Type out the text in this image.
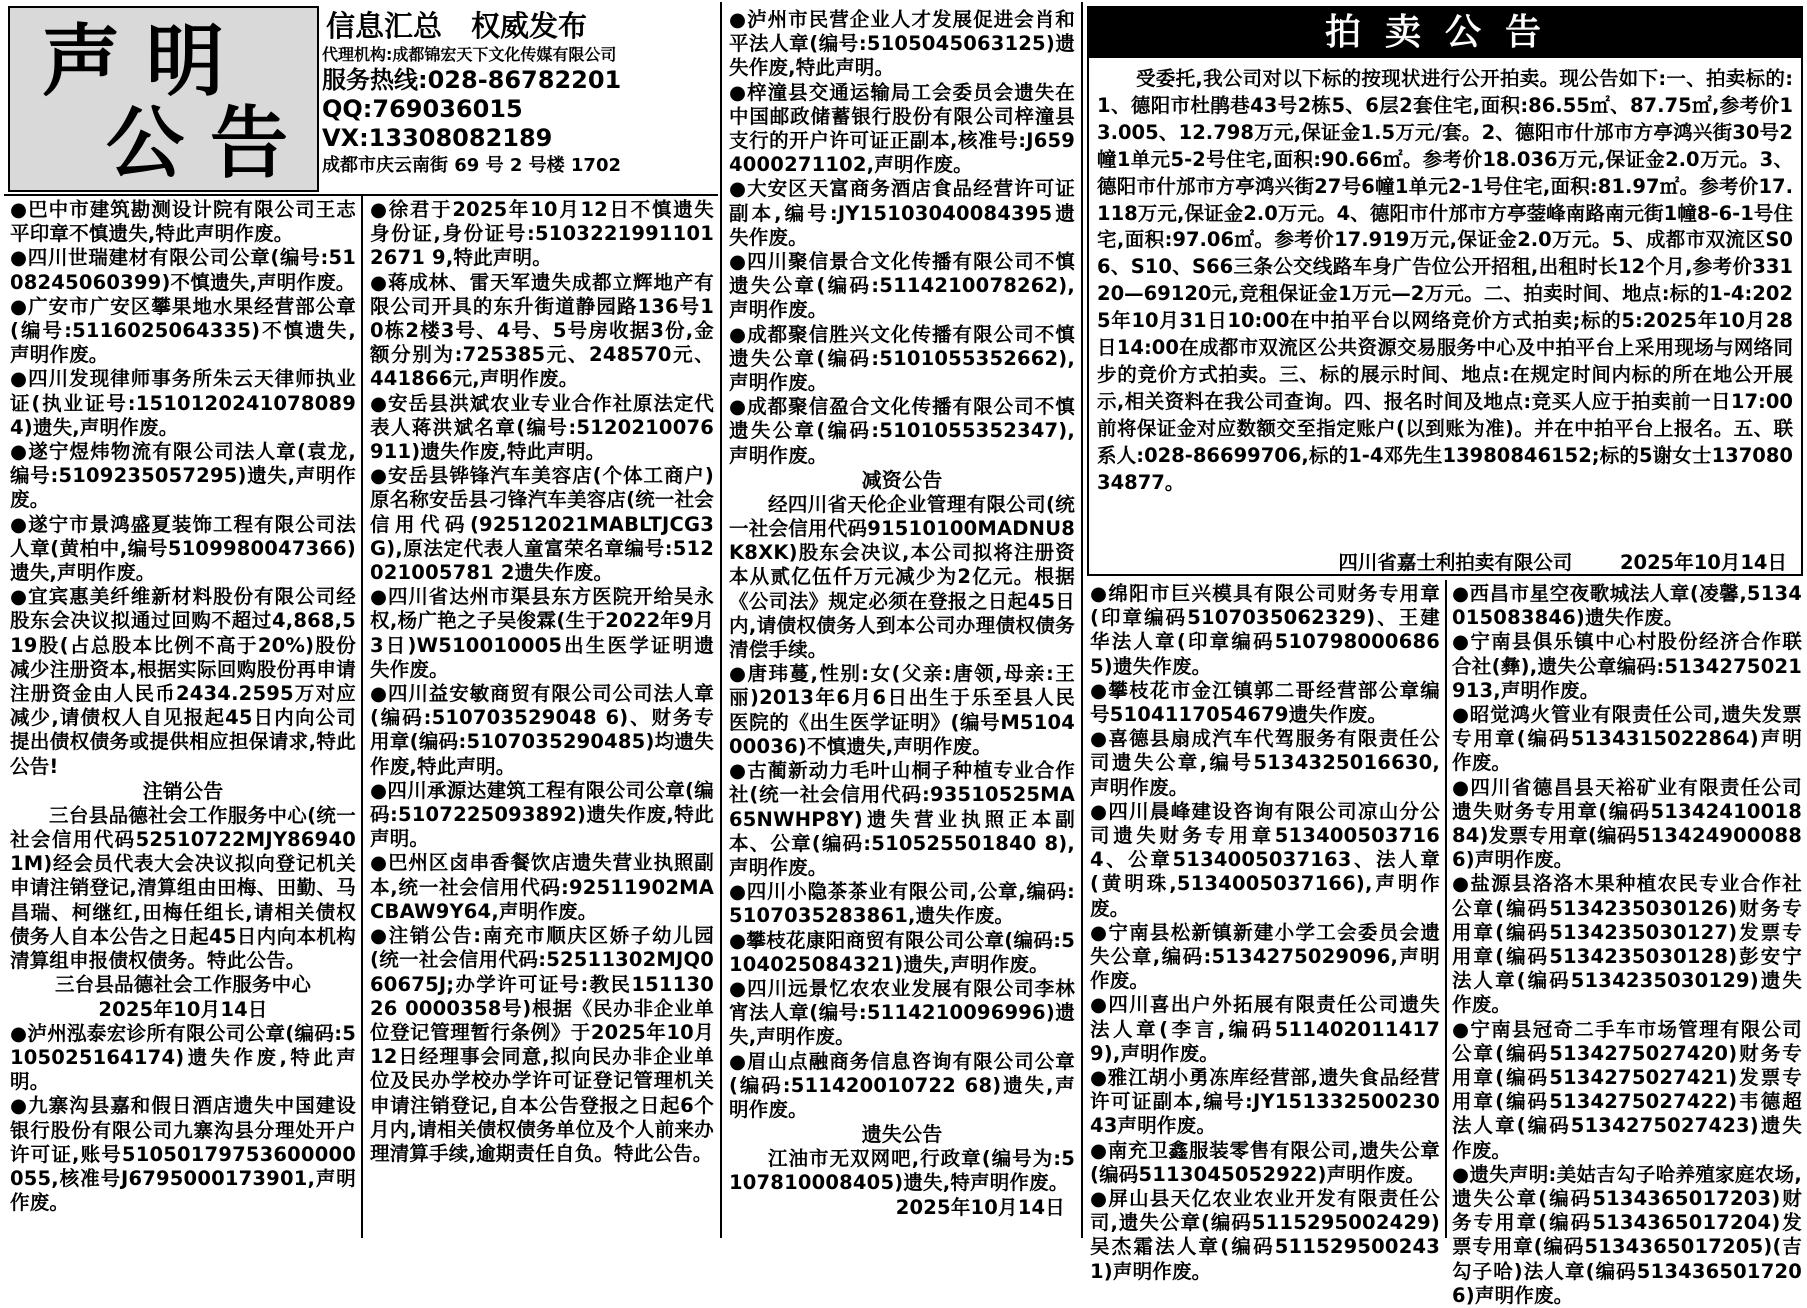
声 明
公 告
信息汇总　权威发布
代理机构:成都锦宏天下文化传媒有限公司
服务热线:028-86782201
QQ:769036015
VX:13308082189
成都市庆云南街 69 号 2 号楼 1702
●巴中市建筑勘测设计院有限公司王志平印章不慎遗失,特此声明作废。
●四川世瑞建材有限公司公章(编号:5108245060399)不慎遗失,声明作废。
●广安市广安区攀果地水果经营部公章(编号:5116025064335)不慎遗失,声明作废。
●四川发现律师事务所朱云天律师执业证(执业证号:15101202410780894)遗失,声明作废。
●遂宁煜炜物流有限公司法人章(袁龙,编号:5109235057295)遗失,声明作废。
●遂宁市景鸿盛夏装饰工程有限公司法人章(黄柏中,编号5109980047366)遗失,声明作废。
●宜宾惠美纤维新材料股份有限公司经股东会决议拟通过回购不超过4,868,519股(占总股本比例不高于20%)股份减少注册资本,根据实际回购股份再申请注册资金由人民币2434.2595万对应减少,请债权人自见报起45日内向公司提出债权债务或提供相应担保请求,特此公告!
注销公告
三台县品德社会工作服务中心(统一社会信用代码52510722MJY869401M)经会员代表大会决议拟向登记机关申请注销登记,清算组由田梅、田勤、马昌瑞、柯继红,田梅任组长,请相关债权债务人自本公告之日起45日内向本机构清算组申报债权债务。特此公告。
三台县品德社会工作服务中心
2025年10月14日
●泸州泓泰宏诊所有限公司公章(编码:5105025164174)遗失作废,特此声明。
●九寨沟县嘉和假日酒店遗失中国建设银行股份有限公司九寨沟县分理处开户许可证,账号51050179753600000055,核准号J6795000173901,声明作废。
●徐君于2025年10月12日不慎遗失身份证,身份证号:51032219911012671 9,特此声明。
●蒋成林、雷天军遗失成都立辉地产有限公司开具的东升街道静园路136号10栋2楼3号、4号、5号房收据3份,金额分别为:725385元、248570元、441866元,声明作废。
●安岳县洪斌农业专业合作社原法定代表人蒋洪斌名章(编号:5120210076911)遗失作废,特此声明。
●安岳县铧锋汽车美容店(个体工商户)原名称安岳县刁锋汽车美容店(统一社会信用代码(92512021MABLTJCG3G),原法定代表人童富荣名章编号:512021005781 2遗失作废。
●四川省达州市渠县东方医院开给吴永权,杨广艳之子吴俊霖(生于2022年9月3日)W510010005出生医学证明遗失作废。
●四川益安敏商贸有限公司公司法人章(编码:510703529048 6)、财务专用章(编码:5107035290485)均遗失作废,特此声明。
●四川承源达建筑工程有限公司公章(编码:5107225093892)遗失作废,特此声明。
●巴州区卤串香餐饮店遗失营业执照副本,统一社会信用代码:92511902MACBAW9Y64,声明作废。
●注销公告:南充市顺庆区娇子幼儿园(统一社会信用代码:52511302MJQ060675J;办学许可证号:教民15113026 0000358号)根据《民办非企业单位登记管理暂行条例》于2025年10月12日经理事会同意,拟向民办非企业单位及民办学校办学许可证登记管理机关申请注销登记,自本公告登报之日起6个月内,请相关债权债务单位及个人前来办理清算手续,逾期责任自负。特此公告。
●泸州市民营企业人才发展促进会肖和平法人章(编号:5105045063125)遗失作废,特此声明。
●梓潼县交通运输局工会委员会遗失在中国邮政储蓄银行股份有限公司梓潼县支行的开户许可证正副本,核准号:J6594000271102,声明作废。
●大安区天富商务酒店食品经营许可证副本,编号:JY15103040084395遗失作废。
●四川聚信景合文化传播有限公司不慎遗失公章(编码:5114210078262),声明作废。
●成都聚信胜兴文化传播有限公司不慎遗失公章(编码:5101055352662),声明作废。
●成都聚信盈合文化传播有限公司不慎遗失公章(编码:5101055352347),声明作废。
减资公告
经四川省天伦企业管理有限公司(统一社会信用代码91510100MADNU8K8XK)股东会决议,本公司拟将注册资本从贰亿伍仟万元减少为2亿元。根据《公司法》规定必须在登报之日起45日内,请债权债务人到本公司办理债权债务清偿手续。
●唐玮蔓,性别:女(父亲:唐领,母亲:王丽)2013年6月6日出生于乐至县人民医院的《出生医学证明》(编号M510400036)不慎遗失,声明作废。
●古蔺新动力毛叶山桐子种植专业合作社(统一社会信用代码:93510525MA65NWHP8Y)遗失营业执照正本副本、公章(编码:510525501840 8),声明作废。
●四川小隐茶茶业有限公司,公章,编码:5107035283861,遗失作废。
●攀枝花康阳商贸有限公司公章(编码:5104025084321)遗失,声明作废。
●四川远景忆农农业发展有限公司李林宵法人章(编号:5114210096996)遗失,声明作废。
●眉山点融商务信息咨询有限公司公章(编码:511420010722 68)遗失,声明作废。
遗失公告
江油市无双网吧,行政章(编号为:5107810008405)遗失,特声明作废。
2025年10月14日
拍卖公告
受委托,我公司对以下标的按现状进行公开拍卖。现公告如下:一、拍卖标的:1、德阳市杜鹃巷43号2栋5、6层2套住宅,面积:86.55㎡、87.75㎡,参考价13.005、12.798万元,保证金1.5万元/套。2、德阳市什邡市方亭鸿兴街30号2幢1单元5-2号住宅,面积:90.66㎡。参考价18.036万元,保证金2.0万元。3、德阳市什邡市方亭鸿兴街27号6幢1单元2-1号住宅,面积:81.97㎡。参考价17.118万元,保证金2.0万元。4、德阳市什邡市方亭蓥峰南路南元街1幢8-6-1号住宅,面积:97.06㎡。参考价17.919万元,保证金2.0万元。5、成都市双流区S06、S10、S66三条公交线路车身广告位公开招租,出租时长12个月,参考价33120—69120元,竞租保证金1万元—2万元。二、拍卖时间、地点:标的1-4:2025年10月31日10:00在中拍平台以网络竞价方式拍卖;标的5:2025年10月28日14:00在成都市双流区公共资源交易服务中心及中拍平台上采用现场与网络同步的竞价方式拍卖。三、标的展示时间、地点:在规定时间内标的所在地公开展示,相关资料在我公司查询。四、报名时间及地点:竞买人应于拍卖前一日17:00前将保证金对应数额交至指定账户(以到账为准)。并在中拍平台上报名。五、联系人:028-86699706,标的1-4邓先生13980846152;标的5谢女士13708034877。
四川省嘉士利拍卖有限公司 2025年10月14日
●绵阳市巨兴模具有限公司财务专用章(印章编码5107035062329)、王建华法人章(印章编码5107980006865)遗失作废。
●攀枝花市金江镇郭二哥经营部公章编号5104117054679遗失作废。
●喜德县扇成汽车代驾服务有限责任公司遗失公章,编号5134325016630,声明作废。
●四川晨峰建设咨询有限公司凉山分公司遗失财务专用章5134005037164、公章5134005037163、法人章(黄明珠,5134005037166),声明作废。
●宁南县松新镇新建小学工会委员会遗失公章,编码:5134275029096,声明作废。
●四川喜出户外拓展有限责任公司遗失法人章(李言,编码5114020114179),声明作废。
●雅江胡小勇冻库经营部,遗失食品经营许可证副本,编号:JY15133250023043声明作废。
●南充卫鑫服装零售有限公司,遗失公章(编码5113045052922)声明作废。
●屏山县天亿农业农业开发有限责任公司,遗失公章(编码5115295002429)吴杰霜法人章(编码5115295002431)声明作废。
●西昌市星空夜歌城法人章(凌馨,5134015083846)遗失作废。
●宁南县俱乐镇中心村股份经济合作联合社(彝),遗失公章编码:5134275021913,声明作废。
●昭觉鸿火管业有限责任公司,遗失发票专用章(编码5134315022864)声明作废。
●四川省德昌县天裕矿业有限责任公司遗失财务专用章(编码5134241001884)发票专用章(编码5134249000886)声明作废。
●盐源县洛洛木果种植农民专业合作社公章(编码5134235030126)财务专用章(编码5134235030127)发票专用章(编码5134235030128)彭安宁法人章(编码5134235030129)遗失作废。
●宁南县冠奇二手车市场管理有限公司公章(编码5134275027420)财务专用章(编码5134275027421)发票专用章(编码5134275027422)韦德超法人章(编码5134275027423)遗失作废。
●遗失声明:美姑吉勾子哈养殖家庭农场,遗失公章(编码5134365017203)财务专用章(编码5134365017204)发票专用章(编码5134365017205)(吉勾子哈)法人章(编码5134365017206)声明作废。
